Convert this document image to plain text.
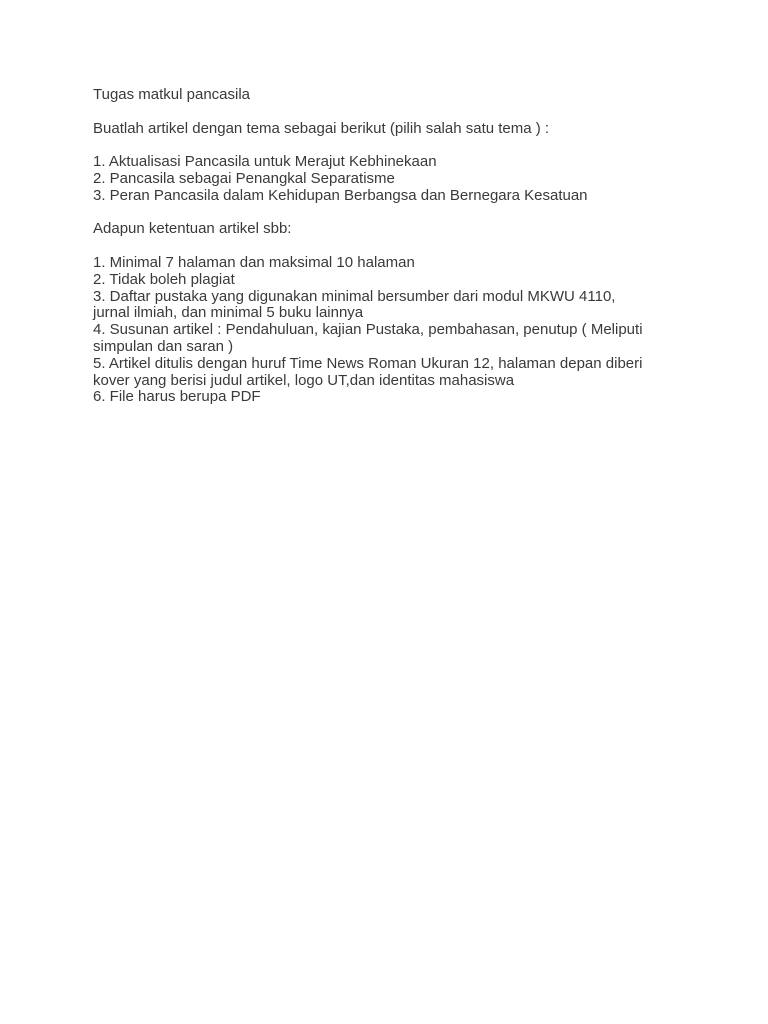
Tugas matkul pancasila
Buatlah artikel dengan tema sebagai berikut (pilih salah satu tema ) :
1. Aktualisasi Pancasila untuk Merajut Kebhinekaan
2. Pancasila sebagai Penangkal Separatisme
3. Peran Pancasila dalam Kehidupan Berbangsa dan Bernegara Kesatuan
Adapun ketentuan artikel sbb:
1. Minimal 7 halaman dan maksimal 10 halaman
2. Tidak boleh plagiat
3. Daftar pustaka yang digunakan minimal bersumber dari modul MKWU 4110,
jurnal ilmiah, dan minimal 5 buku lainnya
4. Susunan artikel : Pendahuluan, kajian Pustaka, pembahasan, penutup ( Meliputi
simpulan dan saran )
5. Artikel ditulis dengan huruf Time News Roman Ukuran 12, halaman depan diberi
kover yang berisi judul artikel, logo UT,dan identitas mahasiswa
6. File harus berupa PDF
